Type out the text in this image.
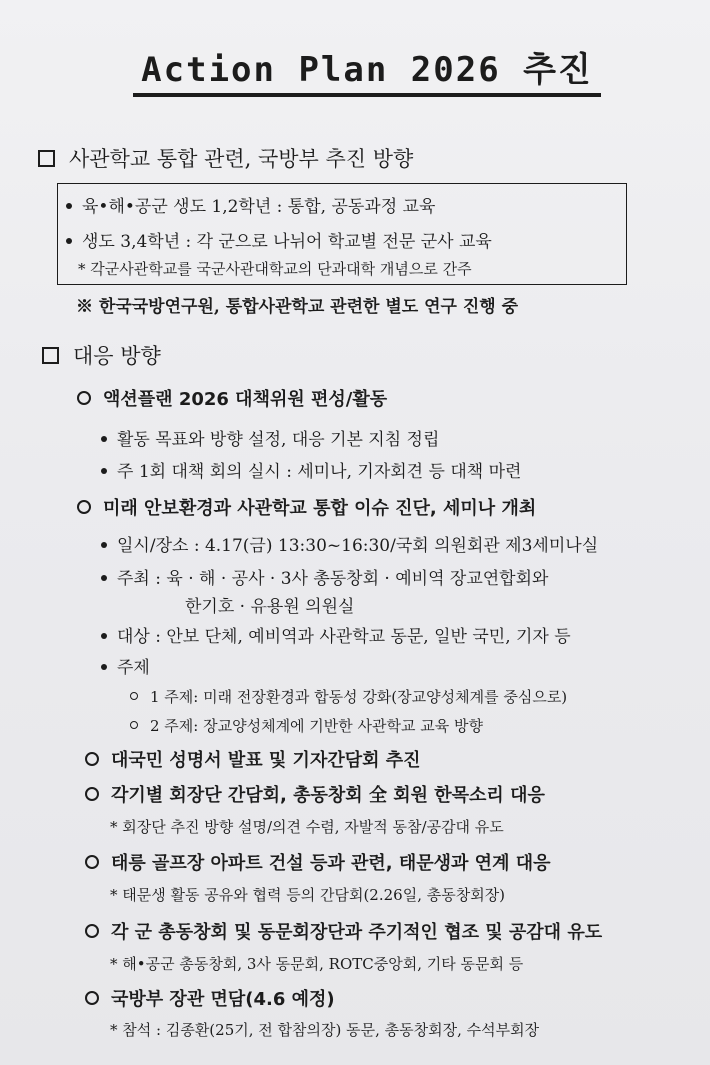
Action Plan 2026 추진
사관학교 통합 관련, 국방부 추진 방향
육•해•공군 생도 1,2학년 : 통합, 공동과정 교육
생도 3,4학년 : 각 군으로 나뉘어 학교별 전문 군사 교육
* 각군사관학교를 국군사관대학교의 단과대학 개념으로 간주
※ 한국국방연구원, 통합사관학교 관련한 별도 연구 진행 중
대응 방향
액션플랜 2026 대책위원 편성/활동
활동 목표와 방향 설정, 대응 기본 지침 정립
주 1회 대책 회의 실시 : 세미나, 기자회견 등 대책 마련
미래 안보환경과 사관학교 통합 이슈 진단, 세미나 개최
일시/장소 : 4.17(금) 13:30~16:30/국회 의원회관 제3세미나실
주최 : 육 · 해 · 공사 · 3사 총동창회 · 예비역 장교연합회와
한기호 · 유용원 의원실
대상 : 안보 단체, 예비역과 사관학교 동문, 일반 국민, 기자 등
주제
1 주제: 미래 전장환경과 합동성 강화(장교양성체계를 중심으로)
2 주제: 장교양성체계에 기반한 사관학교 교육 방향
대국민 성명서 발표 및 기자간담회 추진
각기별 회장단 간담회, 총동창회 全 회원 한목소리 대응
* 회장단 추진 방향 설명/의견 수렴, 자발적 동참/공감대 유도
태릉 골프장 아파트 건설 등과 관련, 태문생과 연계 대응
* 태문생 활동 공유와 협력 등의 간담회(2.26일, 총동창회장)
각 군 총동창회 및 동문회장단과 주기적인 협조 및 공감대 유도
* 해•공군 총동창회, 3사 동문회, ROTC중앙회, 기타 동문회 등
국방부 장관 면담(4.6 예정)
* 참석 : 김종환(25기, 전 합참의장) 동문, 총동창회장, 수석부회장
